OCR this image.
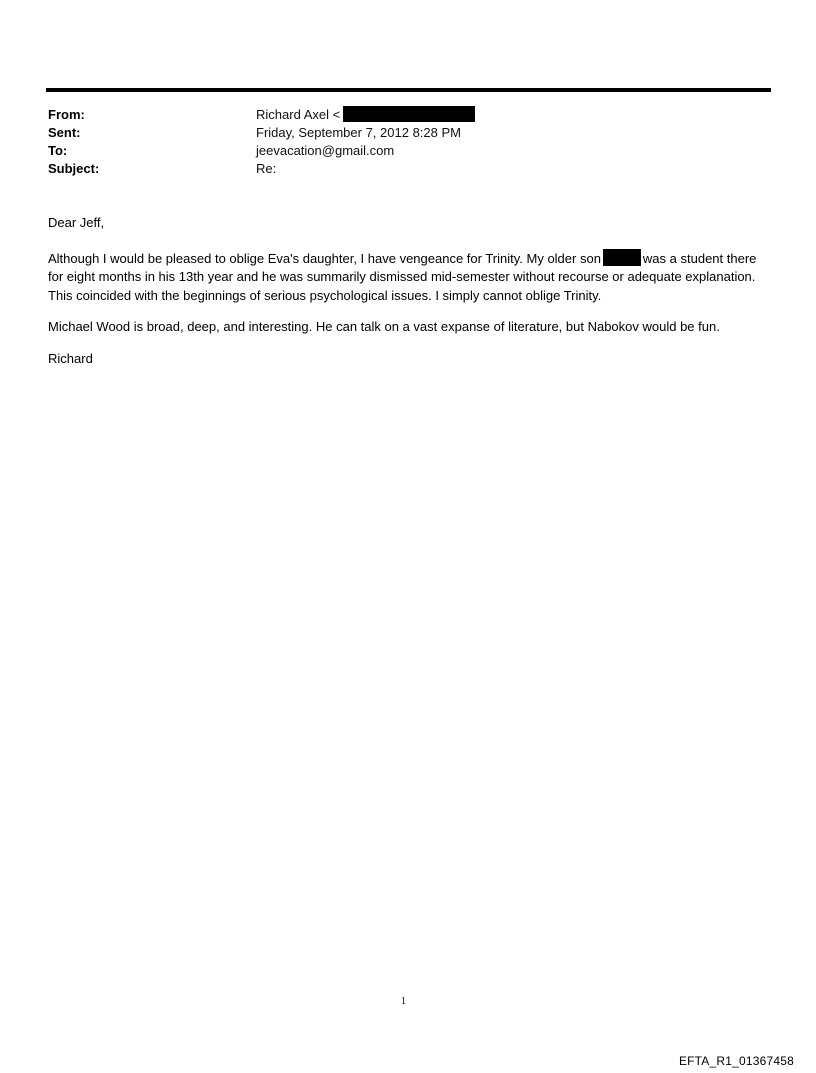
From:	Richard Axel <
Sent:	Friday, September 7, 2012 8:28 PM
To:	jeevacation@gmail.com
Subject:	Re:

Dear Jeff,

Although I would be pleased to oblige Eva's daughter, I have vengeance for Trinity. My older son	was a student there for eight months in his 13th year and he was summarily dismissed mid-semester without recourse or adequate explanation. This coincided with the beginnings of serious psychological issues. I simply cannot oblige Trinity.

Michael Wood is broad, deep, and interesting. He can talk on a vast expanse of literature, but Nabokov would be fun.

Richard

1
EFTA_R1_01367458
